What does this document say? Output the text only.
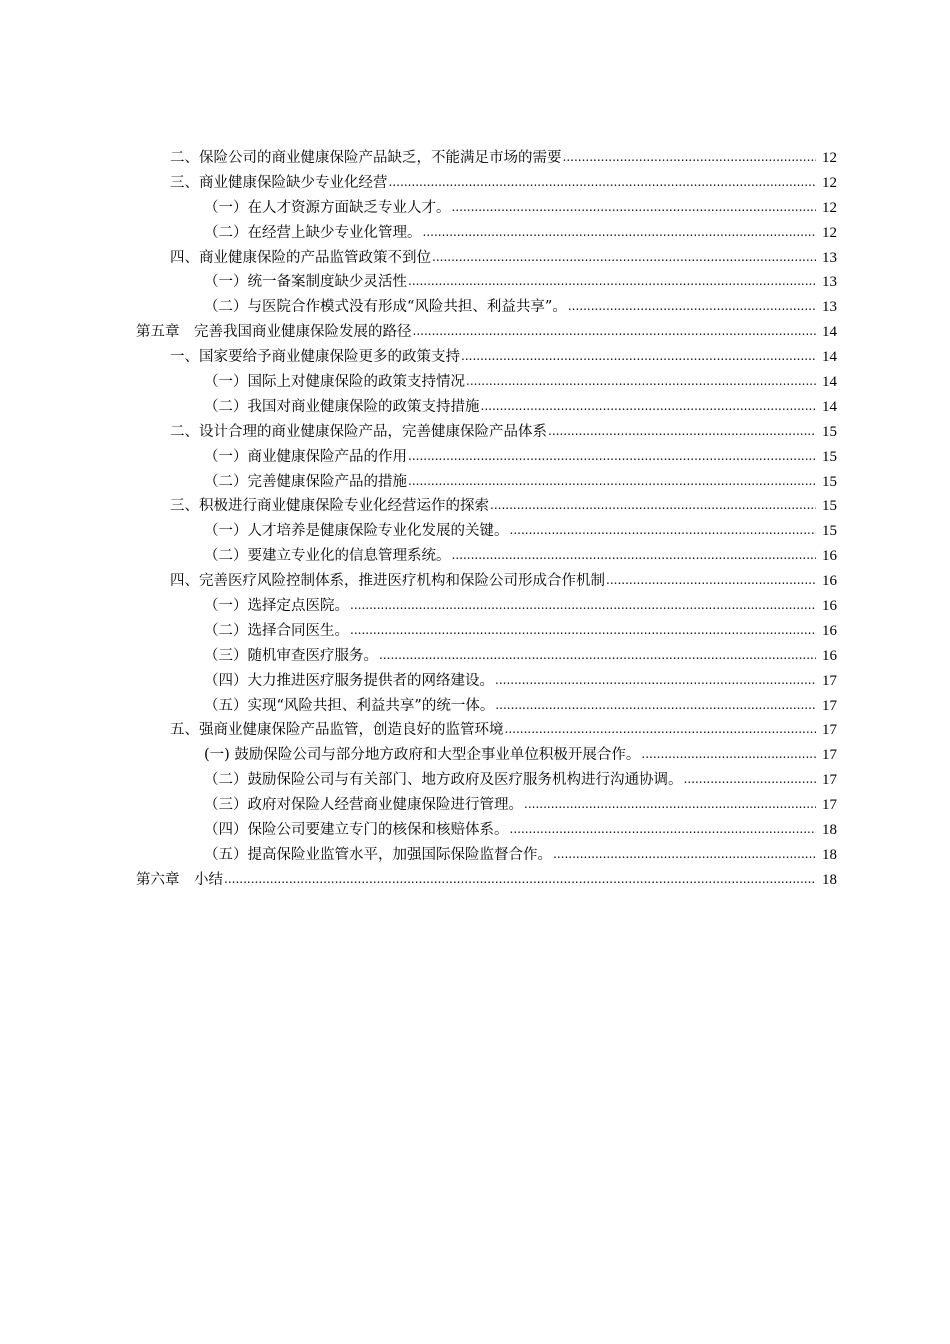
二、保险公司的商业健康保险产品缺乏，不能满足市场的需要 .....	12
三、商业健康保险缺少专业化经营 .....	12
（一）在人才资源方面缺乏专业人才。 .....	12
（二）在经营上缺少专业化管理。 .....	12
四、商业健康保险的产品监管政策不到位 .....	13
（一）统一备案制度缺少灵活性 .....	13
（二）与医院合作模式没有形成“风险共担、利益共享”。 .....	13
第五章　完善我国商业健康保险发展的路径 .....	14
一、国家要给予商业健康保险更多的政策支持 .....	14
（一）国际上对健康保险的政策支持情况 .....	14
（二）我国对商业健康保险的政策支持措施 .....	14
二、设计合理的商业健康保险产品，完善健康保险产品体系 .....	15
（一）商业健康保险产品的作用 .....	15
（二）完善健康保险产品的措施 .....	15
三、积极进行商业健康保险专业化经营运作的探索 .....	15
（一）人才培养是健康保险专业化发展的关键。 .....	15
（二）要建立专业化的信息管理系统。 .....	16
四、完善医疗风险控制体系，推进医疗机构和保险公司形成合作机制 .....	16
（一）选择定点医院。 .....	16
（二）选择合同医生。 .....	16
（三）随机审查医疗服务。 .....	16
（四）大力推进医疗服务提供者的网络建设。 .....	17
（五）实现“风险共担、利益共享”的统一体。 .....	17
五、强商业健康保险产品监管，创造良好的监管环境 .....	17
(一) 鼓励保险公司与部分地方政府和大型企事业单位积极开展合作。 .....	17
（二）鼓励保险公司与有关部门、地方政府及医疗服务机构进行沟通协调。 .....	17
（三）政府对保险人经营商业健康保险进行管理。 .....	17
（四）保险公司要建立专门的核保和核赔体系。 .....	18
（五）提高保险业监管水平，加强国际保险监督合作。 .....	18
第六章　小结 .....	18
